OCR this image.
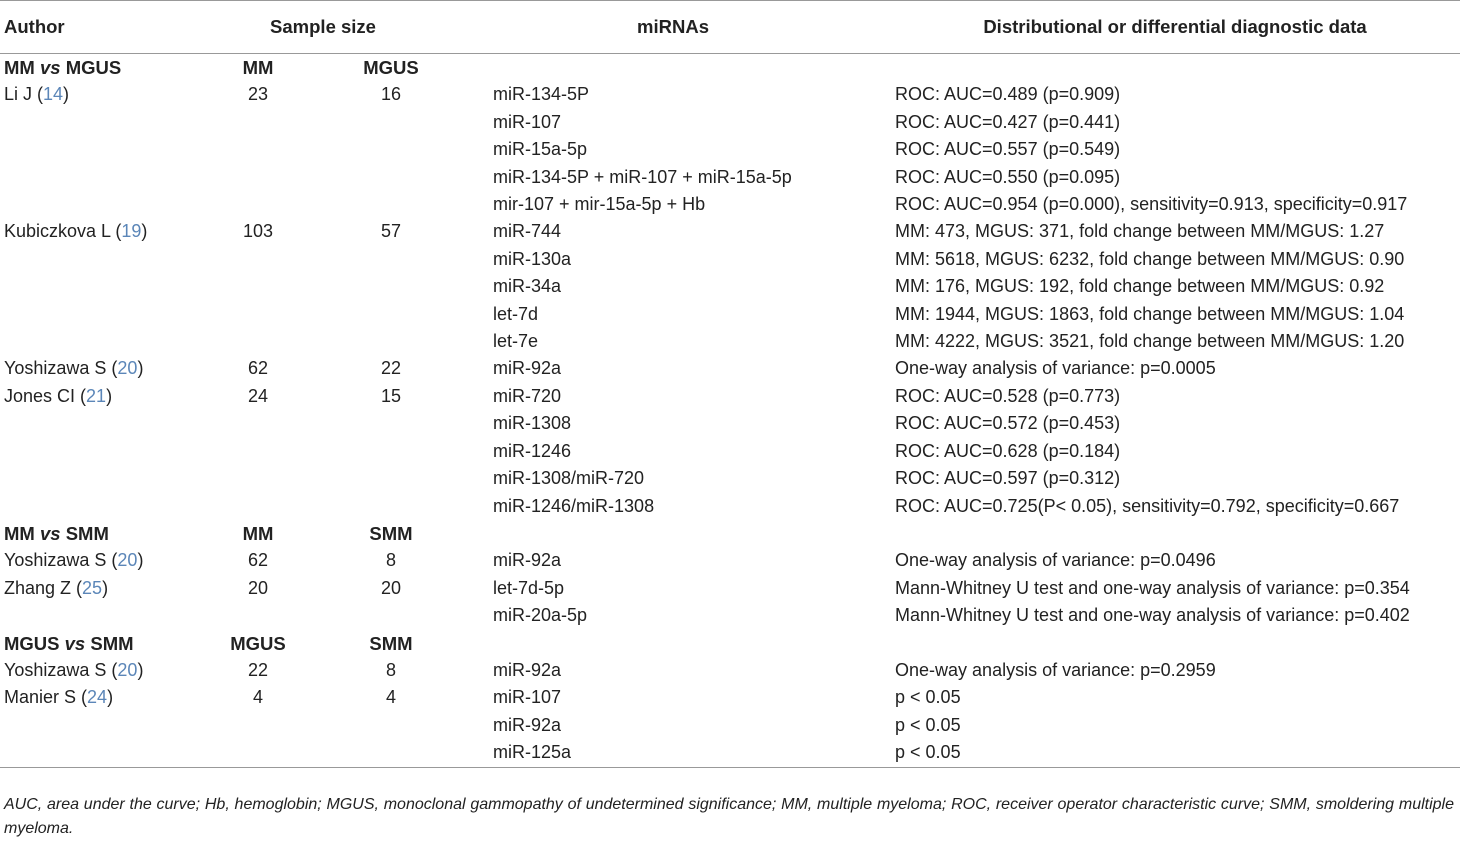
Author	Sample size		miRNAs	Distributional or differential diagnostic data
MM vs MGUS	MM	MGUS		
Li J (14)	23	16	miR-134-5P	ROC: AUC=0.489 (p=0.909)
			miR-107	ROC: AUC=0.427 (p=0.441)
			miR-15a-5p	ROC: AUC=0.557 (p=0.549)
			miR-134-5P + miR-107 + miR-15a-5p	ROC: AUC=0.550 (p=0.095)
			mir-107 + mir-15a-5p + Hb	ROC: AUC=0.954 (p=0.000), sensitivity=0.913, specificity=0.917
Kubiczkova L (19)	103	57	miR-744	MM: 473, MGUS: 371, fold change between MM/MGUS: 1.27
			miR-130a	MM: 5618, MGUS: 6232, fold change between MM/MGUS: 0.90
			miR-34a	MM: 176, MGUS: 192, fold change between MM/MGUS: 0.92
			let-7d	MM: 1944, MGUS: 1863, fold change between MM/MGUS: 1.04
			let-7e	MM: 4222, MGUS: 3521, fold change between MM/MGUS: 1.20
Yoshizawa S (20)	62	22	miR-92a	One-way analysis of variance: p=0.0005
Jones CI (21)	24	15	miR-720	ROC: AUC=0.528 (p=0.773)
			miR-1308	ROC: AUC=0.572 (p=0.453)
			miR-1246	ROC: AUC=0.628 (p=0.184)
			miR-1308/miR-720	ROC: AUC=0.597 (p=0.312)
			miR-1246/miR-1308	ROC: AUC=0.725(P< 0.05), sensitivity=0.792, specificity=0.667
MM vs SMM	MM	SMM		
Yoshizawa S (20)	62	8	miR-92a	One-way analysis of variance: p=0.0496
Zhang Z (25)	20	20	let-7d-5p	Mann-Whitney U test and one-way analysis of variance: p=0.354
			miR-20a-5p	Mann-Whitney U test and one-way analysis of variance: p=0.402
MGUS vs SMM	MGUS	SMM		
Yoshizawa S (20)	22	8	miR-92a	One-way analysis of variance: p=0.2959
Manier S (24)	4	4	miR-107	p < 0.05
			miR-92a	p < 0.05
			miR-125a	p < 0.05
AUC, area under the curve; Hb, hemoglobin; MGUS, monoclonal gammopathy of undetermined significance; MM, multiple myeloma; ROC, receiver operator characteristic curve; SMM, smoldering multiple myeloma.
